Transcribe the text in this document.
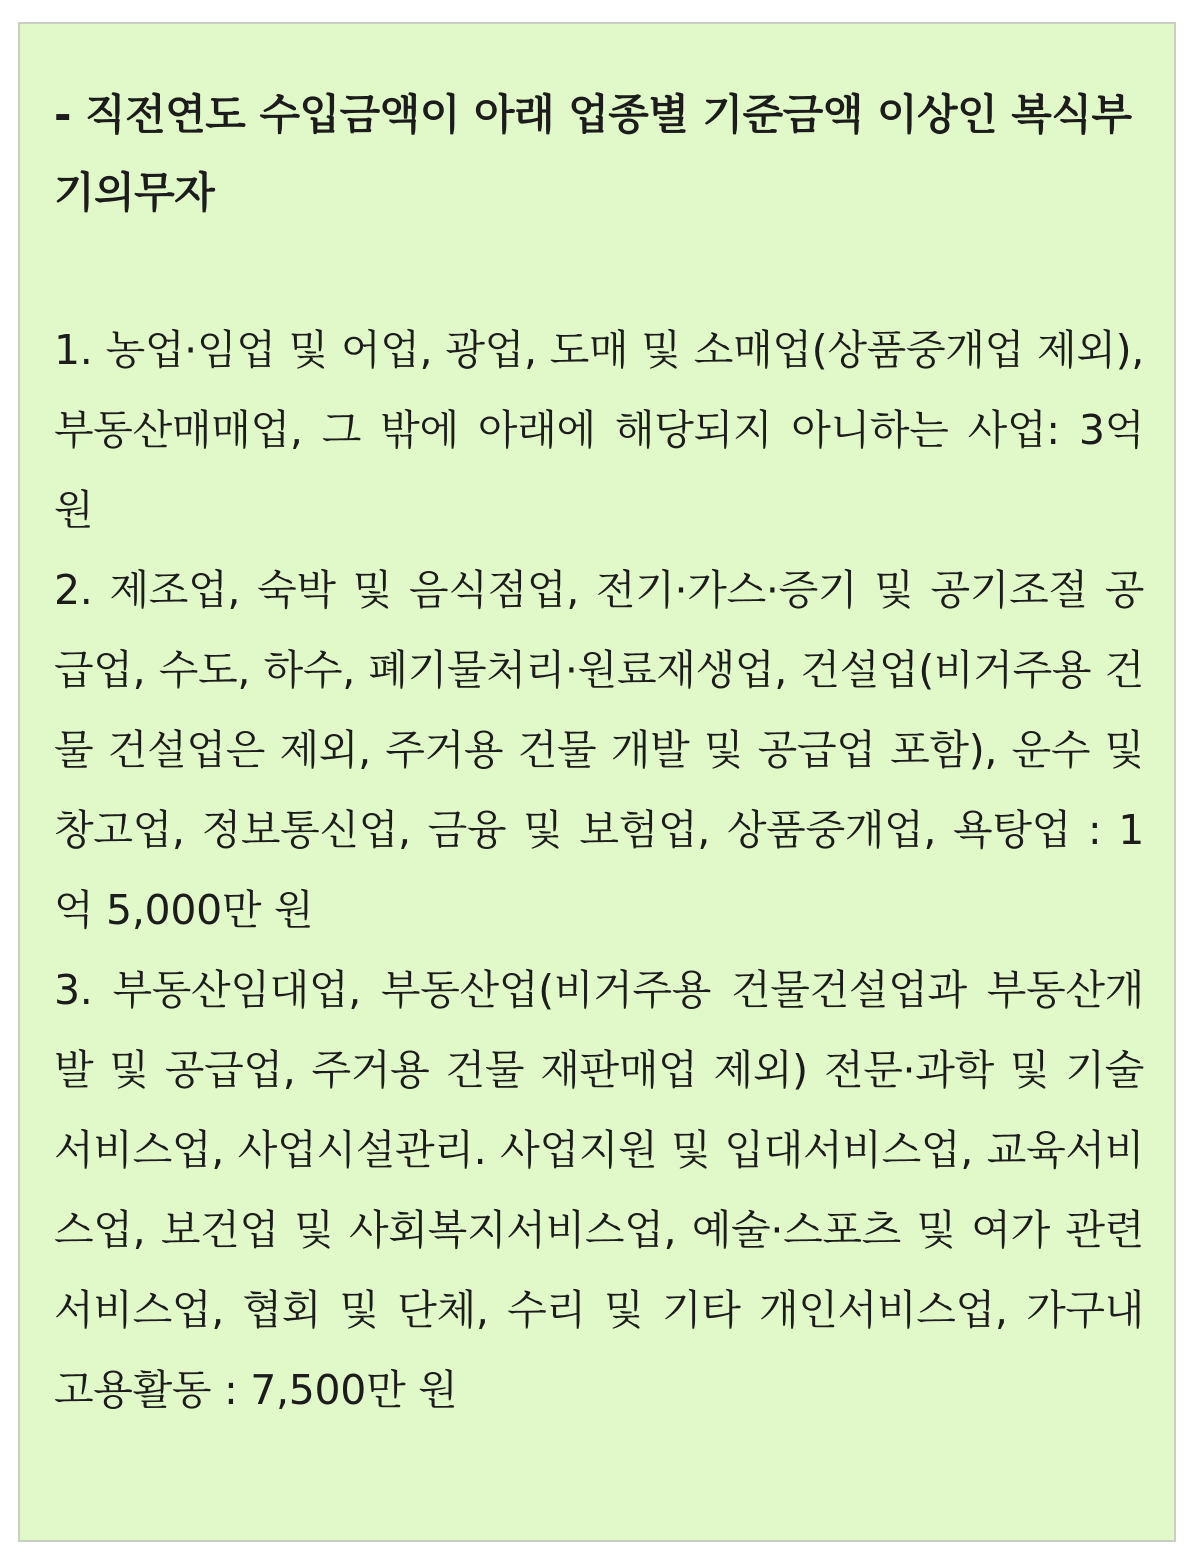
- 직전연도 수입금액이 아래 업종별 기준금액 이상인 복식부기의무자

1. 농업·임업 및 어업, 광업, 도매 및 소매업(상품중개업 제외), 부동산매매업, 그 밖에 아래에 해당되지 아니하는 사업: 3억 원

2. 제조업, 숙박 및 음식점업, 전기·가스·증기 및 공기조절 공급업, 수도, 하수, 폐기물처리·원료재생업, 건설업(비거주용 건물 건설업은 제외, 주거용 건물 개발 및 공급업 포함), 운수 및 창고업, 정보통신업, 금융 및 보험업, 상품중개업, 욕탕업 : 1억 5,000만 원

3. 부동산임대업, 부동산업(비거주용 건물건설업과 부동산개발 및 공급업, 주거용 건물 재판매업 제외) 전문·과학 및 기술서비스업, 사업시설관리. 사업지원 및 입대서비스업, 교육서비스업, 보건업 및 사회복지서비스업, 예술·스포츠 및 여가 관련 서비스업, 협회 및 단체, 수리 및 기타 개인서비스업, 가구내 고용활동 : 7,500만 원
